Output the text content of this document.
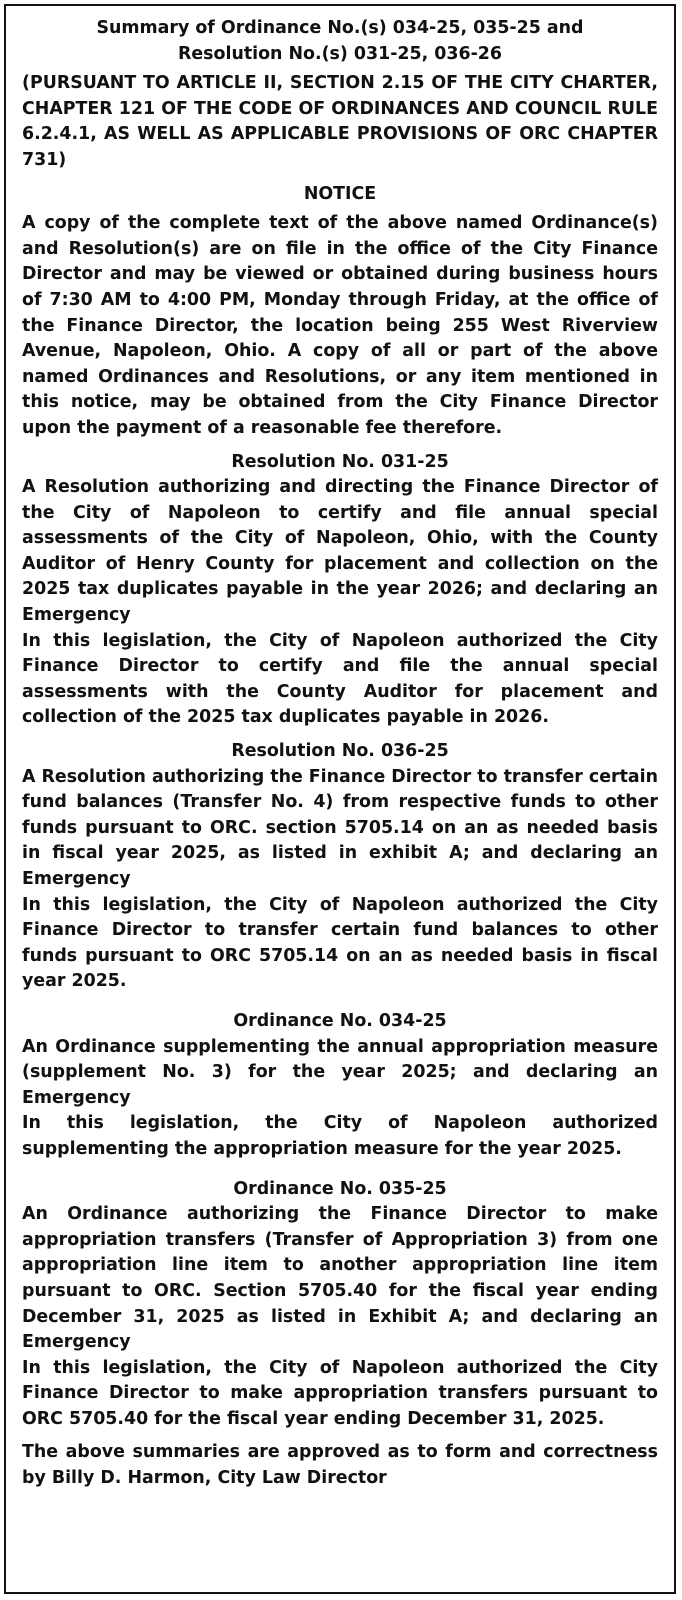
Summary of Ordinance No.(s) 034-25, 035-25 and
Resolution No.(s) 031-25, 036-26
(PURSUANT TO ARTICLE II, SECTION 2.15 OF THE CITY CHARTER, CHAPTER 121 OF THE CODE OF ORDINANCES AND COUNCIL RULE 6.2.4.1, AS WELL AS APPLICABLE PROVISIONS OF ORC CHAPTER 731)
NOTICE
A copy of the complete text of the above named Ordinance(s) and Resolution(s) are on file in the office of the City Finance Director and may be viewed or obtained during business hours of 7:30 AM to 4:00 PM, Monday through Friday, at the office of the Finance Director, the location being 255 West Riverview Avenue, Napoleon, Ohio. A copy of all or part of the above named Ordinances and Resolutions, or any item mentioned in this notice, may be obtained from the City Finance Director upon the payment of a reasonable fee therefore.
Resolution No. 031-25
A Resolution authorizing and directing the Finance Director of the City of Napoleon to certify and file annual special assessments of the City of Napoleon, Ohio, with the County Auditor of Henry County for placement and collection on the 2025 tax duplicates payable in the year 2026; and declaring an Emergency
In this legislation, the City of Napoleon authorized the City Finance Director to certify and file the annual special assessments with the County Auditor for placement and collection of the 2025 tax duplicates payable in 2026.
Resolution No. 036-25
A Resolution authorizing the Finance Director to transfer certain fund balances (Transfer No. 4) from respective funds to other funds pursuant to ORC. section 5705.14 on an as needed basis in fiscal year 2025, as listed in exhibit A; and declaring an Emergency
In this legislation, the City of Napoleon authorized the City Finance Director to transfer certain fund balances to other funds pursuant to ORC 5705.14 on an as needed basis in fiscal year 2025.
Ordinance No. 034-25
An Ordinance supplementing the annual appropriation measure (supplement No. 3) for the year 2025; and declaring an Emergency
In this legislation, the City of Napoleon authorized supplementing the appropriation measure for the year 2025.
Ordinance No. 035-25
An Ordinance authorizing the Finance Director to make appropriation transfers (Transfer of Appropriation 3) from one appropriation line item to another appropriation line item pursuant to ORC. Section 5705.40 for the fiscal year ending December 31, 2025 as listed in Exhibit A; and declaring an Emergency
In this legislation, the City of Napoleon authorized the City Finance Director to make appropriation transfers pursuant to ORC 5705.40 for the fiscal year ending December 31, 2025.
The above summaries are approved as to form and correctness by Billy D. Harmon, City Law Director
